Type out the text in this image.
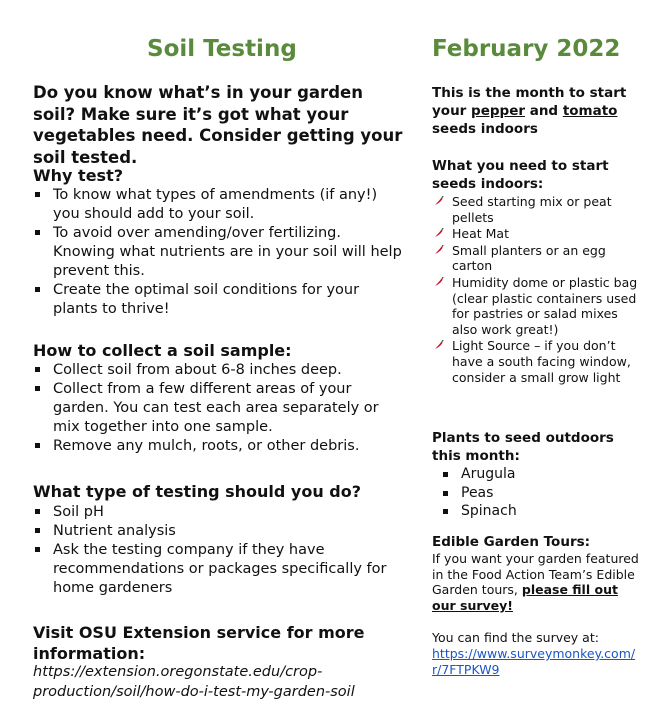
Soil Testing
Do you know what’s in your garden soil? Make sure it’s got what your vegetables need. Consider getting your soil tested.
Why test?
To know what types of amendments (if any!) you should add to your soil.
To avoid over amending/over fertilizing. Knowing what nutrients are in your soil will help prevent this.
Create the optimal soil conditions for your plants to thrive!
How to collect a soil sample:
Collect soil from about 6-8 inches deep.
Collect from a few different areas of your garden. You can test each area separately or mix together into one sample.
Remove any mulch, roots, or other debris.
What type of testing should you do?
Soil pH
Nutrient analysis
Ask the testing company if they have recommendations or packages specifically for home gardeners
Visit OSU Extension service for more information:
https://extension.oregonstate.edu/crop-production/soil/how-do-i-test-my-garden-soil
February 2022
This is the month to start your pepper and tomato seeds indoors
What you need to start seeds indoors:
Seed starting mix or peat pellets
Heat Mat
Small planters or an egg carton
Humidity dome or plastic bag (clear plastic containers used for pastries or salad mixes also work great!)
Light Source – if you don’t have a south facing window, consider a small grow light
Plants to seed outdoors this month:
Arugula
Peas
Spinach
Edible Garden Tours:
If you want your garden featured in the Food Action Team’s Edible Garden tours, please fill out our survey!
You can find the survey at:
https://www.surveymonkey.com/r/7FTPKW9
